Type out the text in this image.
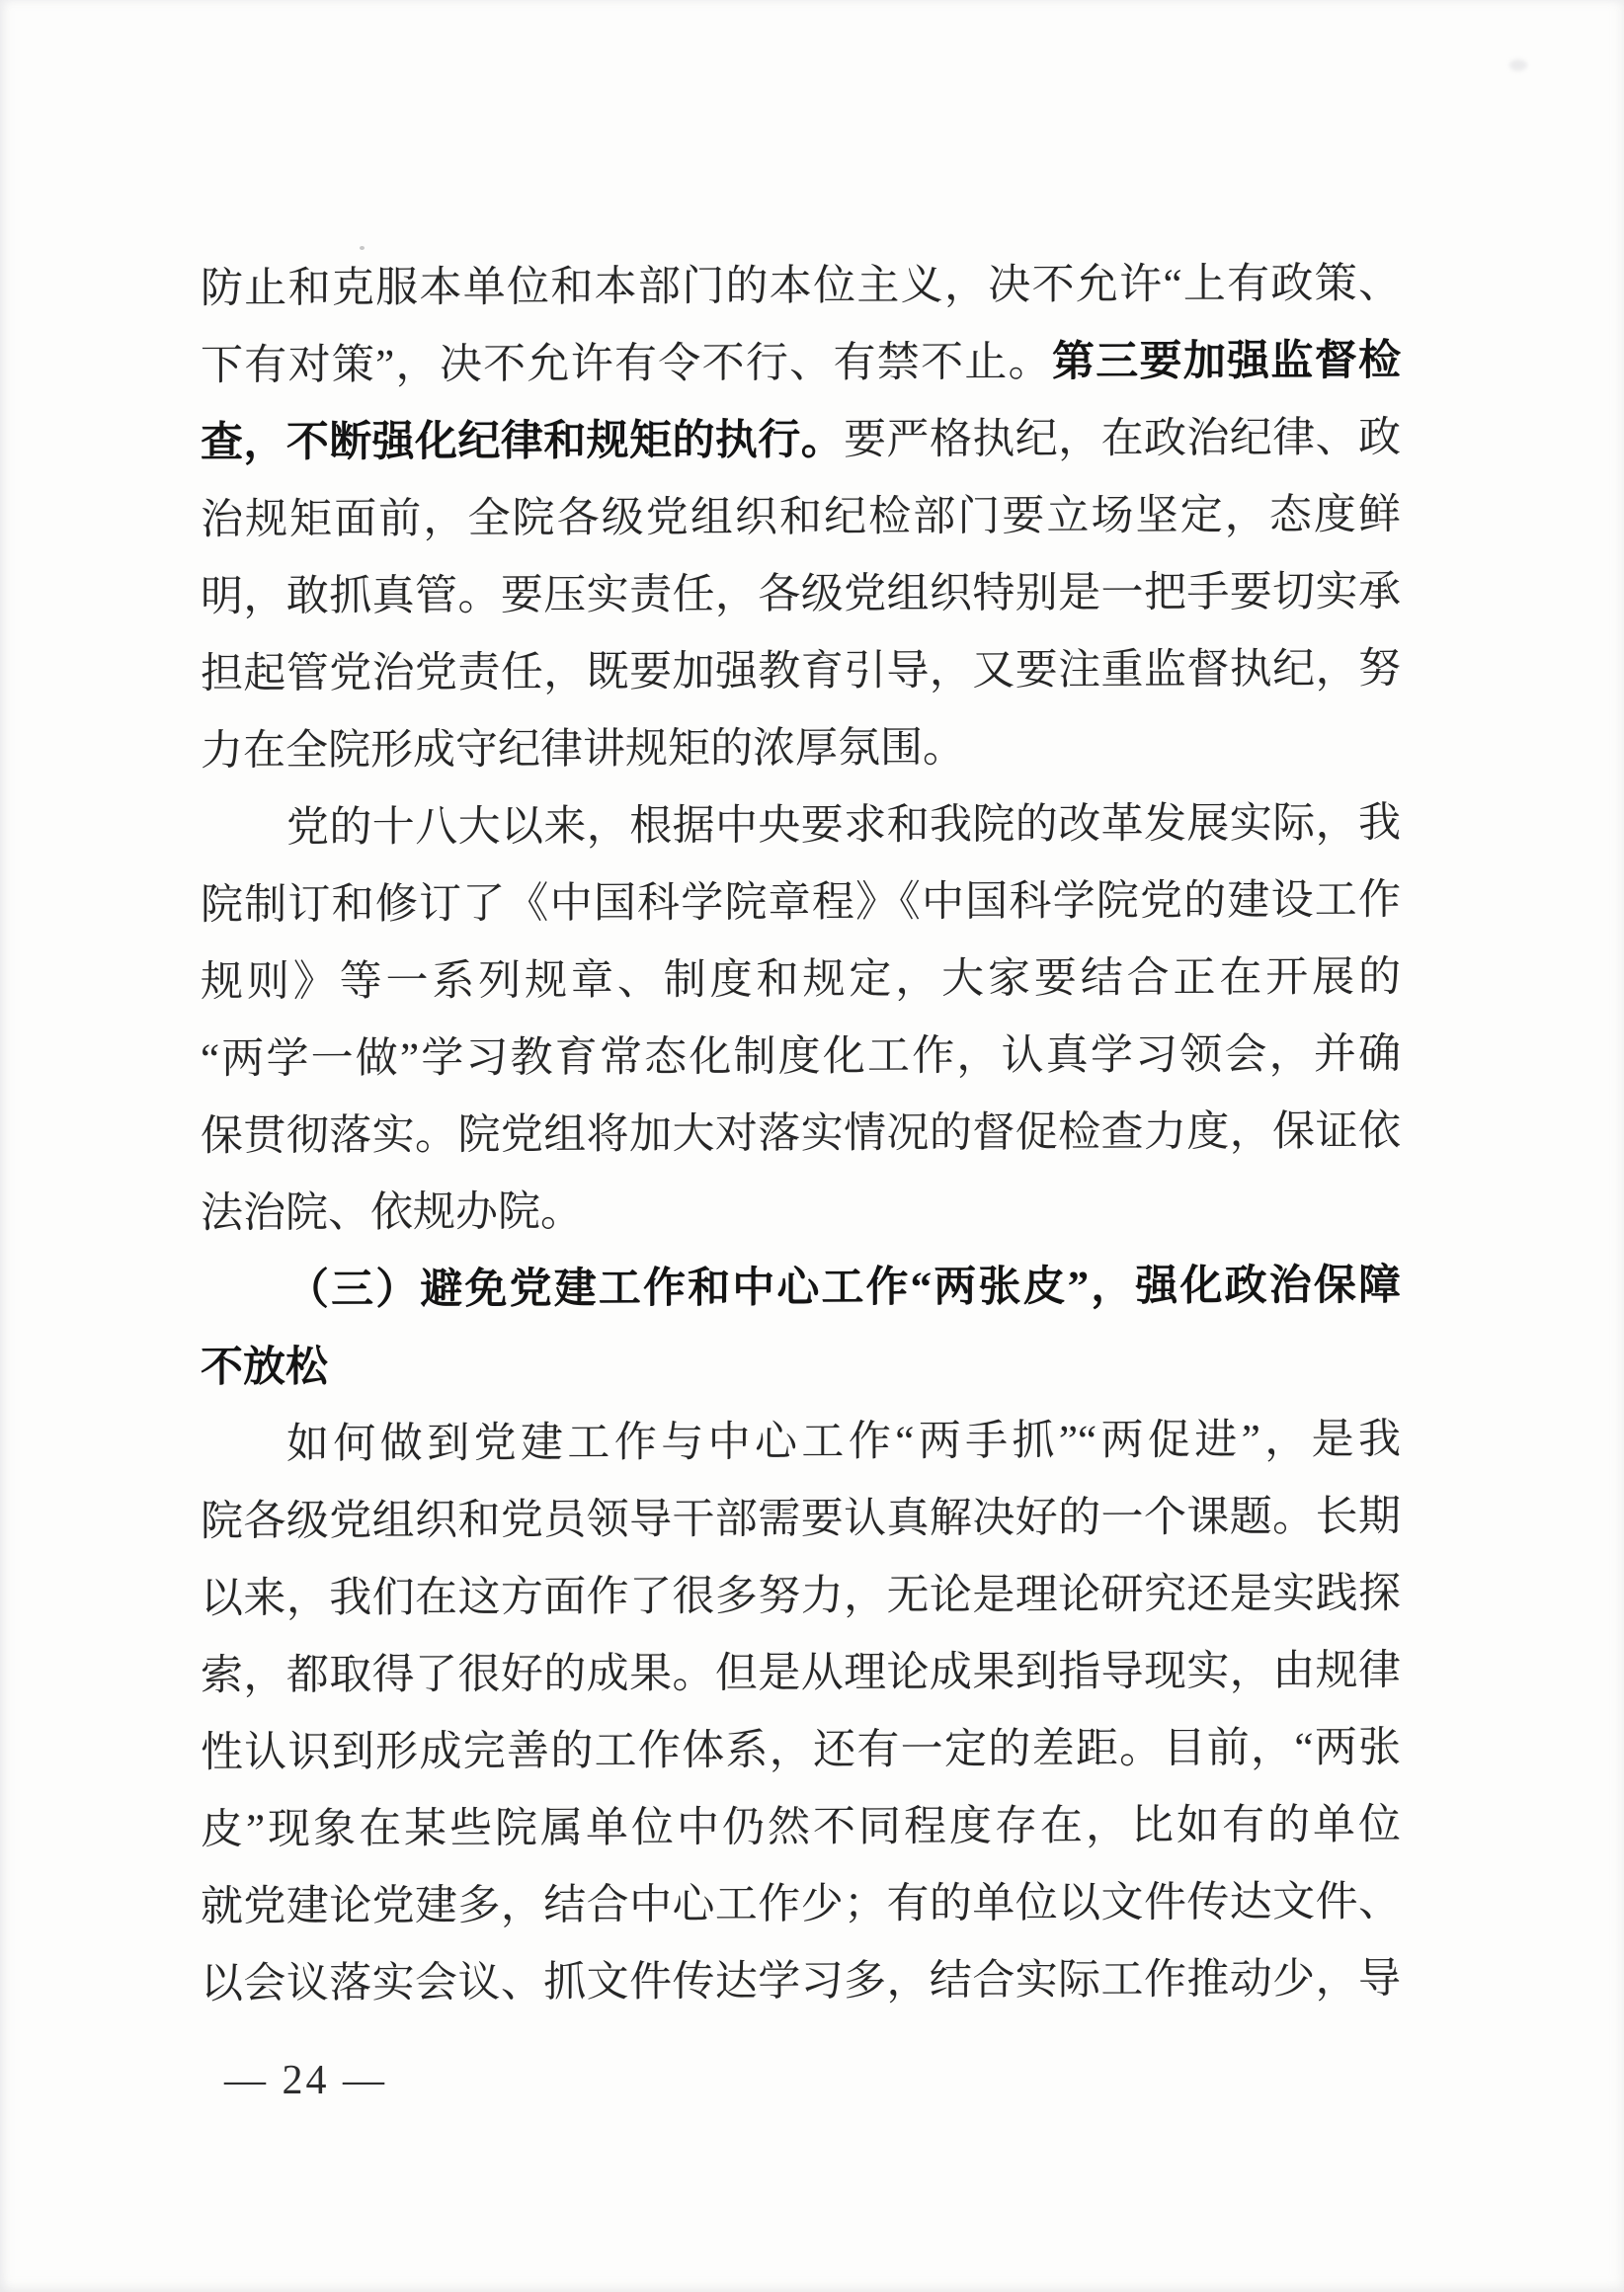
防止和克服本单位和本部门的本位主义，决不允许“上有政策、

下有对策”，决不允许有令不行、有禁不止。第三要加强监督检

查，不断强化纪律和规矩的执行。要严格执纪，在政治纪律、政

治规矩面前，全院各级党组织和纪检部门要立场坚定，态度鲜

明，敢抓真管。要压实责任，各级党组织特别是一把手要切实承

担起管党治党责任，既要加强教育引导，又要注重监督执纪，努

力在全院形成守纪律讲规矩的浓厚氛围。

党的十八大以来，根据中央要求和我院的改革发展实际，我

院制订和修订了《中国科学院章程》《中国科学院党的建设工作

规则》等一系列规章、制度和规定，大家要结合正在开展的

“两学一做”学习教育常态化制度化工作，认真学习领会，并确

保贯彻落实。院党组将加大对落实情况的督促检查力度，保证依

法治院、依规办院。

（三）避免党建工作和中心工作“两张皮”，强化政治保障

不放松

如何做到党建工作与中心工作“两手抓”“两促进”，是我

院各级党组织和党员领导干部需要认真解决好的一个课题。长期

以来，我们在这方面作了很多努力，无论是理论研究还是实践探

索，都取得了很好的成果。但是从理论成果到指导现实，由规律

性认识到形成完善的工作体系，还有一定的差距。目前，“两张

皮”现象在某些院属单位中仍然不同程度存在，比如有的单位

就党建论党建多，结合中心工作少；有的单位以文件传达文件、

以会议落实会议、抓文件传达学习多，结合实际工作推动少，导

— 24 —
